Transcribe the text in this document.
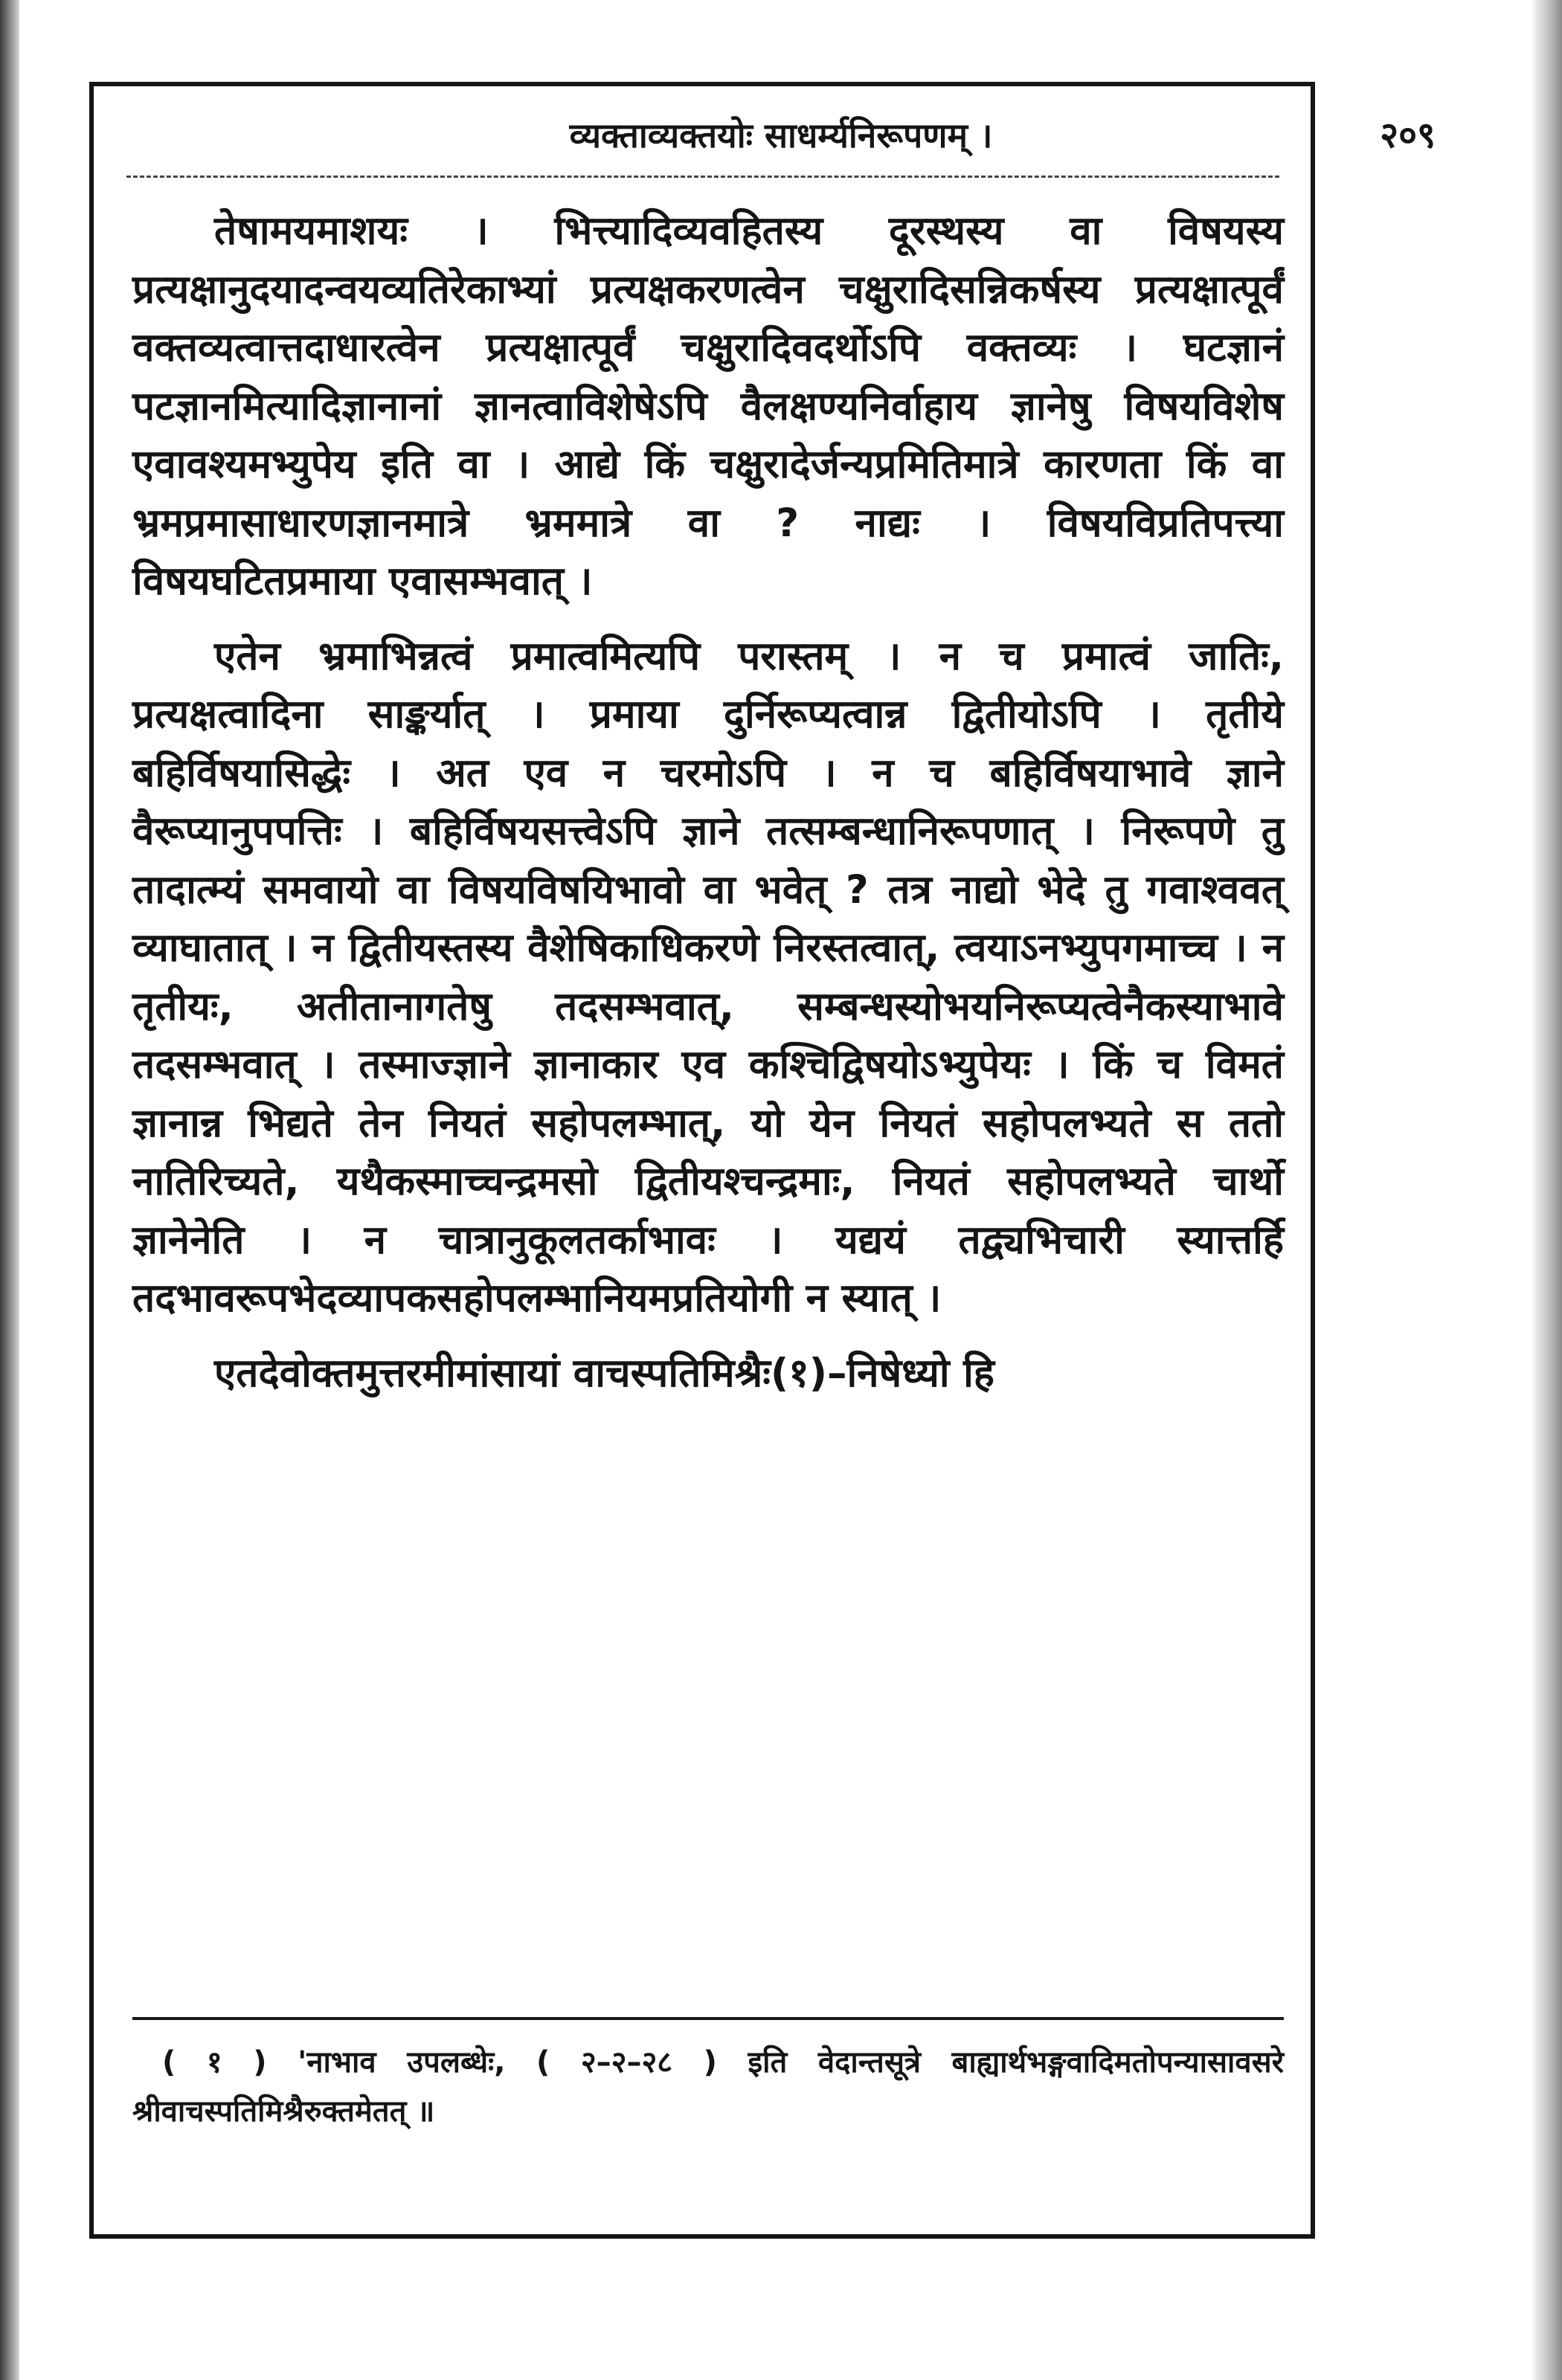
व्यक्ताव्यक्तयोः साधर्म्यनिरूपणम् ।	२०९

तेषामयमाशयः । भित्त्यादिव्यवहितस्य दूरस्थस्य वा विषयस्य प्रत्यक्षानुदयादन्वयव्यतिरेकाभ्यां प्रत्यक्षकरणत्वेन चक्षुरादिसन्निकर्षस्य प्रत्यक्षात्पूर्वं वक्तव्यत्वात्तदाधारत्वेन प्रत्यक्षात्पूर्वं चक्षुरादिवदर्थोऽपि वक्तव्यः । घटज्ञानं पटज्ञानमित्यादिज्ञानानां ज्ञानत्वाविशेषेऽपि वैलक्षण्यनिर्वाहाय ज्ञानेषु विषयविशेष एवावश्यमभ्युपेय इति वा । आद्ये किं चक्षुरादेर्जन्यप्रमितिमात्रे कारणता किं वा भ्रमप्रमासाधारणज्ञानमात्रे भ्रममात्रे वा ? नाद्यः । विषयविप्रतिपत्त्या विषयघटितप्रमाया एवासम्भवात् ।

एतेन भ्रमाभिन्नत्वं प्रमात्वमित्यपि परास्तम् । न च प्रमात्वं जातिः, प्रत्यक्षत्वादिना साङ्कर्यात् । प्रमाया दुर्निरूप्यत्वान्न द्वितीयोऽपि । तृतीये बहिर्विषयासिद्धेः । अत एव न चरमोऽपि । न च बहिर्विषयाभावे ज्ञाने वैरूप्यानुपपत्तिः । बहिर्विषयसत्त्वेऽपि ज्ञाने तत्सम्बन्धानिरूपणात् । निरूपणे तु तादात्म्यं समवायो वा विषयविषयिभावो वा भवेत् ? तत्र नाद्यो भेदे तु गवाश्ववत् व्याघातात् । न द्वितीयस्तस्य वैशेषिकाधिकरणे निरस्तत्वात्, त्वयाऽनभ्युपगमाच्च । न तृतीयः, अतीतानागतेषु तदसम्भवात्, सम्बन्धस्योभयनिरूप्यत्वेनैकस्याभावे तदसम्भवात् । तस्माज्ज्ञाने ज्ञानाकार एव कश्चिद्विषयोऽभ्युपेयः । किं च विमतं ज्ञानान्न भिद्यते तेन नियतं सहोपलम्भात्, यो येन नियतं सहोपलभ्यते स ततो नातिरिच्यते, यथैकस्माच्चन्द्रमसो द्वितीयश्चन्द्रमाः, नियतं सहोपलभ्यते चार्थो ज्ञानेनेति । न चात्रानुकूलतर्काभावः । यद्ययं तद्व्यभिचारी स्यात्तर्हि तदभावरूपभेदव्यापकसहोपलम्भानियमप्रतियोगी न स्यात् ।

एतदेवोक्तमुत्तरमीमांसायां वाचस्पतिमिश्रैः(१)–निषेध्यो हि

( १ ) 'नाभाव उपलब्धेः, ( २–२–२८ ) इति वेदान्तसूत्रे बाह्यार्थभङ्गवादिमतोपन्यासावसरे श्रीवाचस्पतिमिश्रैरुक्तमेतत् ॥
